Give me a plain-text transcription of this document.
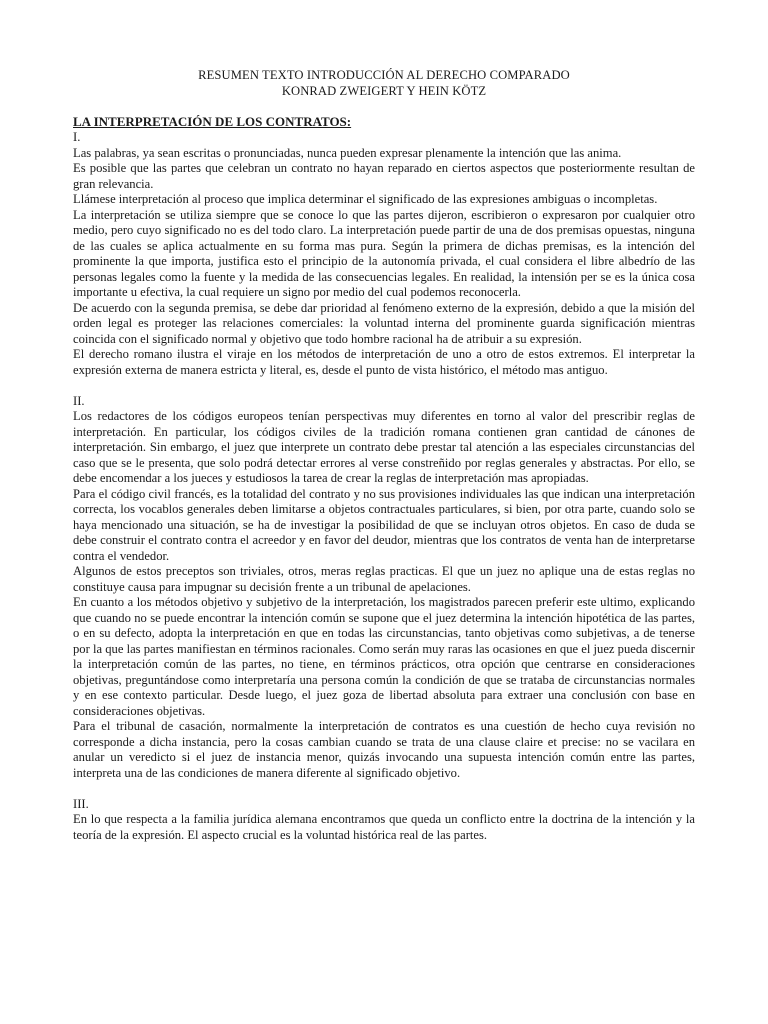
RESUMEN TEXTO INTRODUCCIÓN AL DERECHO COMPARADO
KONRAD ZWEIGERT Y HEIN KÖTZ
LA INTERPRETACIÓN DE LOS CONTRATOS:
I.

Las palabras, ya sean escritas o pronunciadas, nunca pueden expresar plenamente la intención que las anima.

Es posible que las partes que celebran un contrato no hayan reparado en ciertos aspectos que posteriormente resultan de gran relevancia.

Llámese interpretación al proceso que implica determinar el significado de las expresiones ambiguas o incompletas.

La interpretación se utiliza siempre que se conoce lo que las partes dijeron, escribieron o expresaron por cualquier otro medio, pero cuyo significado no es del todo claro. La interpretación puede partir de una de dos premisas opuestas, ninguna de las cuales se aplica actualmente en su forma mas pura. Según la primera de dichas premisas, es la intención del prominente la que importa, justifica esto el principio de la autonomía privada, el cual considera el libre albedrío de las personas legales como la fuente y la medida de las consecuencias legales. En realidad, la intensión per se es la única cosa importante u efectiva, la cual requiere un signo por medio del cual podemos reconocerla.

De acuerdo con la segunda premisa, se debe dar prioridad al fenómeno externo de la expresión, debido a que la misión del orden legal es proteger las relaciones comerciales: la voluntad interna del prominente guarda significación mientras coincida con el significado normal y objetivo que todo hombre racional ha de atribuir a su expresión.

El derecho romano ilustra el viraje en los métodos de interpretación de uno a otro de estos extremos. El interpretar la expresión externa de manera estricta y literal, es, desde el punto de vista histórico, el método mas antiguo.

II.

Los redactores de los códigos europeos tenían perspectivas muy diferentes en torno al valor del prescribir reglas de interpretación. En particular, los códigos civiles de la tradición romana contienen gran cantidad de cánones de interpretación. Sin embargo, el juez que interprete un contrato debe prestar tal atención a las especiales circunstancias del caso que se le presenta, que solo podrá detectar errores al verse constreñido por reglas generales y abstractas. Por ello, se debe encomendar a los jueces y estudiosos la tarea de crear la reglas de interpretación mas apropiadas.

Para el código civil francés, es la totalidad del contrato y no sus provisiones individuales las que indican una interpretación correcta, los vocablos generales deben limitarse a objetos contractuales particulares, si bien, por otra parte, cuando solo se haya mencionado una situación, se ha de investigar la posibilidad de que se incluyan otros objetos. En caso de duda se debe construir el contrato contra el acreedor y en favor del deudor, mientras que los contratos de venta han de interpretarse contra el vendedor.

Algunos de estos preceptos son triviales, otros, meras reglas practicas. El que un juez no aplique una de estas reglas no constituye causa para impugnar su decisión frente a un tribunal de apelaciones.

En cuanto a los métodos objetivo y subjetivo de la interpretación, los magistrados parecen preferir este ultimo, explicando que cuando no se puede encontrar la intención común se supone que el juez determina la intención hipotética de las partes, o en su defecto, adopta la interpretación en que en todas las circunstancias, tanto objetivas como subjetivas, a de tenerse por la que las partes manifiestan en términos racionales. Como serán muy raras las ocasiones en que el juez pueda discernir la interpretación común de las partes, no tiene, en términos prácticos, otra opción que centrarse en consideraciones objetivas, preguntándose como interpretaría una persona común la condición de que se trataba de circunstancias normales y en ese contexto particular. Desde luego, el juez goza de libertad absoluta para extraer una conclusión con base en consideraciones objetivas.

Para el tribunal de casación, normalmente la interpretación de contratos es una cuestión de hecho cuya revisión no corresponde a dicha instancia, pero la cosas cambian cuando se trata de una clause claire et precise: no se vacilara en anular un veredicto si el juez de instancia menor, quizás invocando una supuesta intención común entre las partes, interpreta una de las condiciones de manera diferente al significado objetivo.

III.

En lo que respecta a la familia jurídica alemana encontramos que queda un conflicto entre la doctrina de la intención y la teoría de la expresión. El aspecto crucial es la voluntad histórica real de las partes.
